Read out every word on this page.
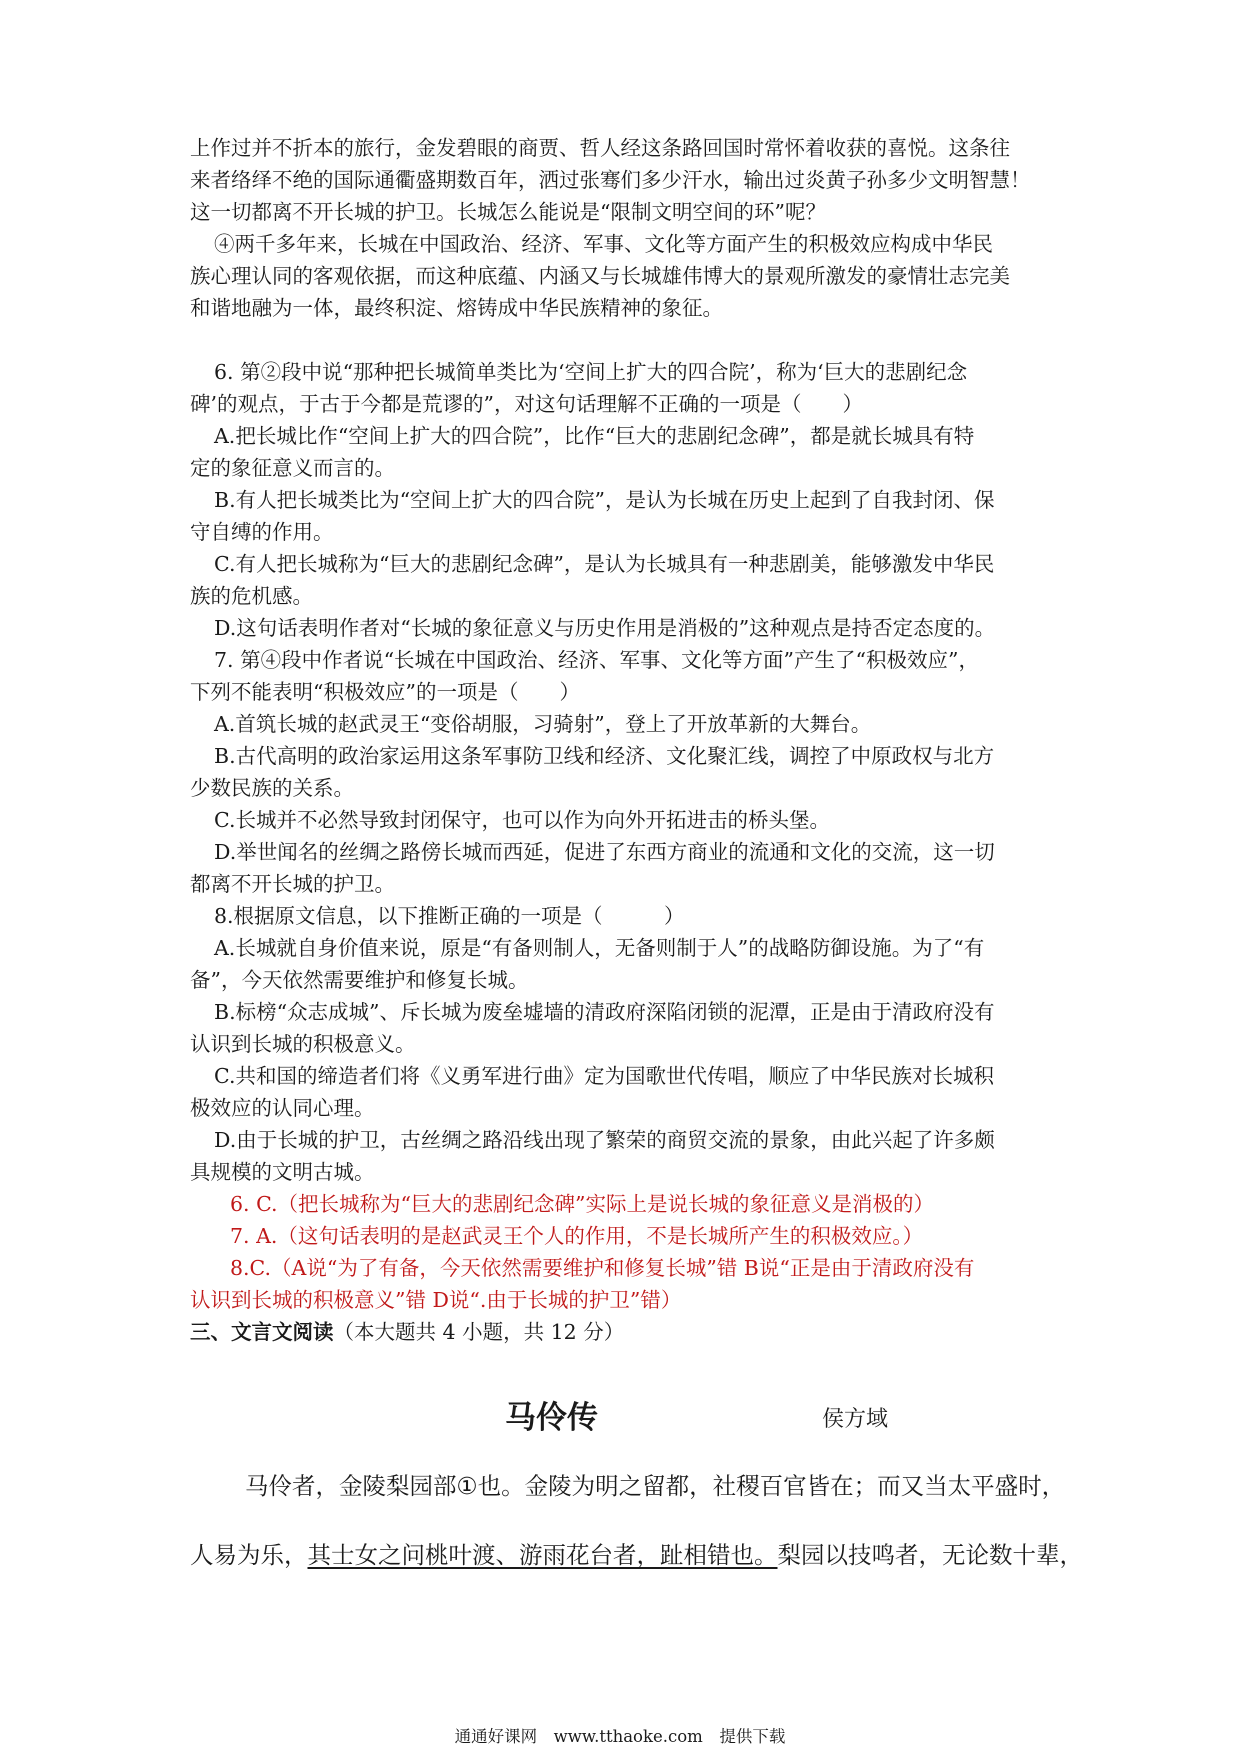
上作过并不折本的旅行，金发碧眼的商贾、哲人经这条路回国时常怀着收获的喜悦。这条往
来者络绎不绝的国际通衢盛期数百年，洒过张骞们多少汗水，输出过炎黄子孙多少文明智慧！
这一切都离不开长城的护卫。长城怎么能说是“限制文明空间的环”呢？
④两千多年来，长城在中国政治、经济、军事、文化等方面产生的积极效应构成中华民
族心理认同的客观依据，而这种底蕴、内涵又与长城雄伟博大的景观所激发的豪情壮志完美
和谐地融为一体，最终积淀、熔铸成中华民族精神的象征。
6. 第②段中说“那种把长城简单类比为‘空间上扩大的四合院’，称为‘巨大的悲剧纪念
碑’的观点，于古于今都是荒谬的”，对这句话理解不正确的一项是（　　）
A.把长城比作“空间上扩大的四合院”，比作“巨大的悲剧纪念碑”，都是就长城具有特
定的象征意义而言的。
B.有人把长城类比为“空间上扩大的四合院”，是认为长城在历史上起到了自我封闭、保
守自缚的作用。
C.有人把长城称为“巨大的悲剧纪念碑”，是认为长城具有一种悲剧美，能够激发中华民
族的危机感。
D.这句话表明作者对“长城的象征意义与历史作用是消极的”这种观点是持否定态度的。
7. 第④段中作者说“长城在中国政治、经济、军事、文化等方面”产生了“积极效应”，
下列不能表明“积极效应”的一项是（　　）
A.首筑长城的赵武灵王“变俗胡服，习骑射”，登上了开放革新的大舞台。
B.古代高明的政治家运用这条军事防卫线和经济、文化聚汇线，调控了中原政权与北方
少数民族的关系。
C.长城并不必然导致封闭保守，也可以作为向外开拓进击的桥头堡。
D.举世闻名的丝绸之路傍长城而西延，促进了东西方商业的流通和文化的交流，这一切
都离不开长城的护卫。
8.根据原文信息，以下推断正确的一项是（　　　）
A.长城就自身价值来说，原是“有备则制人，无备则制于人”的战略防御设施。为了“有
备”，今天依然需要维护和修复长城。
B.标榜“众志成城”、斥长城为废垒墟墙的清政府深陷闭锁的泥潭，正是由于清政府没有
认识到长城的积极意义。
C.共和国的缔造者们将《义勇军进行曲》定为国歌世代传唱，顺应了中华民族对长城积
极效应的认同心理。
D.由于长城的护卫，古丝绸之路沿线出现了繁荣的商贸交流的景象，由此兴起了许多颇
具规模的文明古城。
6. C.（把长城称为“巨大的悲剧纪念碑”实际上是说长城的象征意义是消极的）
7. A.（这句话表明的是赵武灵王个人的作用，不是长城所产生的积极效应。）
8.C.（A说“为了有备，今天依然需要维护和修复长城”错 B说“正是由于清政府没有
认识到长城的积极意义”错 D说“.由于长城的护卫”错）
三、文言文阅读（本大题共 4 小题，共 12 分）
马伶传	侯方域
马伶者，金陵梨园部①也。金陵为明之留都，社稷百官皆在；而又当太平盛时，
人易为乐，其士女之问桃叶渡、游雨花台者，趾相错也。梨园以技鸣者，无论数十辈，
通通好课网　www.tthaoke.com　提供下载
